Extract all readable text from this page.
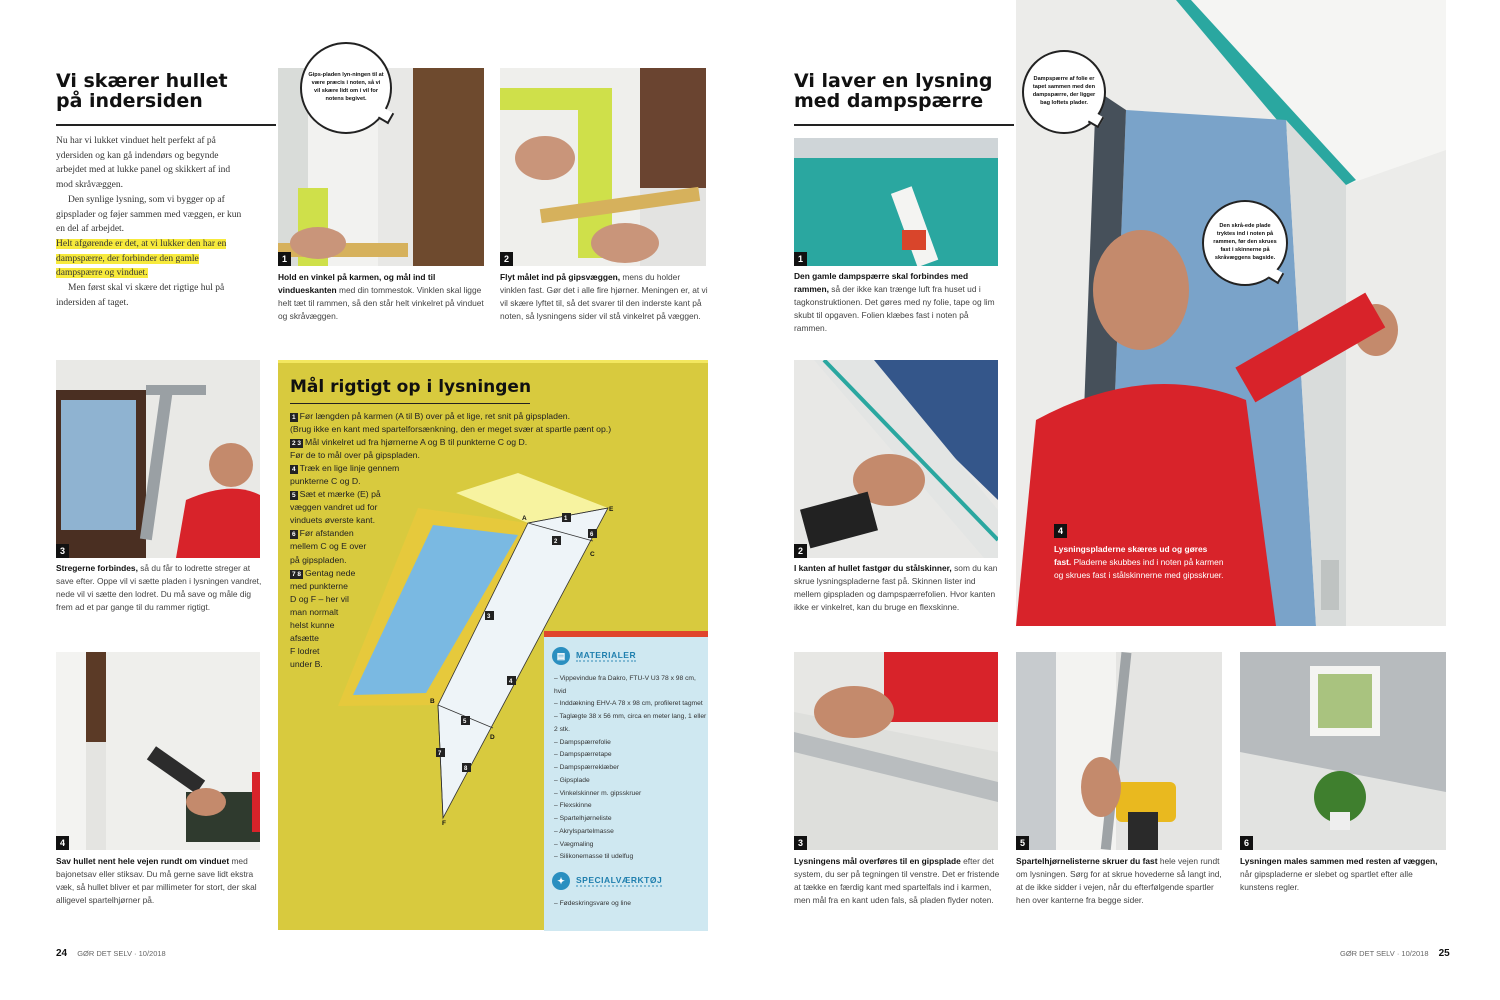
Vi skærer hullet på indersiden

Nu har vi lukket vinduet helt perfekt af på ydersiden og kan gå indendørs og begynde arbejdet med at lukke panel og skikkert af ind mod skråvæggen.

Den synlige lysning, som vi bygger op af gipsplader og føjer sammen med væggen, er kun en del af arbejdet.

Helt afgørende er det, at vi lukker den har en dampspærre, der forbinder den gamle dampspærre og vinduet.

Men først skal vi skære det rigtige hul på indersiden af taget.

1
Gips-pladen lyn-ningen til at være præcis i noten, så vi vil skære lidt om i vil for notens begivet.
2
Hold en vinkel på karmen, og mål ind til vindueskanten med din tommestok. Vinklen skal ligge helt tæt til rammen, så den står helt vinkelret på vinduet og skråvæggen.
Flyt målet ind på gipsvæggen, mens du holder vinklen fast. Gør det i alle fire hjørner. Meningen er, at vi vil skære lyftet til, så det svarer til den inderste kant på noten, så lysningens sider vil stå vinkelret på væggen.
3
Stregerne forbindes, så du får to lodrette streger at save efter. Oppe vil vi sætte pladen i lysningen vandret, nede vil vi sætte den lodret. Du må save og måle dig frem ad et par gange til du rammer rigtigt.
4
Sav hullet nent hele vejen rundt om vinduet med bajonetsav eller stiksav. Du må gerne save lidt ekstra væk, så hullet bliver et par millimeter for stort, der skal alligevel spartelhjørner på.
Mål rigtigt op i lysningen
1 Før længden på karmen (A til B) over på et lige, ret snit på gipspladen.
(Brug ikke en kant med spartelforsænkning, den er meget svær at spartle pænt op.)
2 3 Mål vinkelret ud fra hjørnerne A og B til punkterne C og D.
Før de to mål over på gipspladen.
4 Træk en lige linje gennem
punkterne C og D.
5 Sæt et mærke (E) på
væggen vandret ud for
vinduets øverste kant.
6 Før afstanden
mellem C og E over
på gipspladen.
7 8 Gentag nede
med punkterne
D og F – her vil
man normalt
helst kunne
afsætte
F lodret
under B.
A
B
C
D
E
F
1
2
6
3
4
5
7
8
▤	MATERIALER
– Vippevindue fra Dakro, FTU-V U3 78 x 98 cm, hvid
– Inddækning EHV-A 78 x 98 cm, profileret tagmet
– Taglægte 38 x 56 mm, circa en meter lang, 1 eller 2 stk.
– Dampspærrefolie
– Dampspærretape
– Dampspærreklæber
– Gipsplade
– Vinkelskinner m. gipsskruer
– Flexskinne
– Spartelhjørneliste
– Akrylspartelmasse
– Vægmaling
– Silikonemasse til udelfug
✦	SPECIALVÆRKTØJ
– Fødeskringsvare og line
24 GØR DET SELV · 10/2018
Vi laver en lysning med dampspærre
1
Den gamle dampspærre skal forbindes med rammen, så der ikke kan trænge luft fra huset ud i tagkonstruktionen. Det gøres med ny folie, tape og lim skubt til opgaven. Folien klæbes fast i noten på rammen.
2
I kanten af hullet fastgør du stålskinner, som du kan skrue lysningspladerne fast på. Skinnen lister ind mellem gipspladen og dampspærrefolien. Hvor kanten ikke er vinkelret, kan du bruge en flexskinne.
4
Lysningspladerne skæres ud og gøres fast. Pladerne skubbes ind i noten på karmen og skrues fast i stålskinnerne med gipsskruer.
Dampspærre af folie er tapet sammen med den dampspærre, der ligger bag loftets plader.
Den skrå-ede plade tryktes ind i noten på rammen, før den skrues fast i skinnerne på skråvæggens bagside.
3
Lysningens mål overføres til en gipsplade efter det system, du ser på tegningen til venstre. Det er fristende at tække en færdig kant med spartelfals ind i karmen, men mål fra en kant uden fals, så pladen flyder noten.
5
Spartelhjørnelisterne skruer du fast hele vejen rundt om lysningen. Sørg for at skrue hovederne så langt ind, at de ikke sidder i vejen, når du efterfølgende spartler hen over kanterne fra begge sider.
6
Lysningen males sammen med resten af væggen, når gipspladerne er slebet og spartlet efter alle kunstens regler.
GØR DET SELV · 10/2018 25
